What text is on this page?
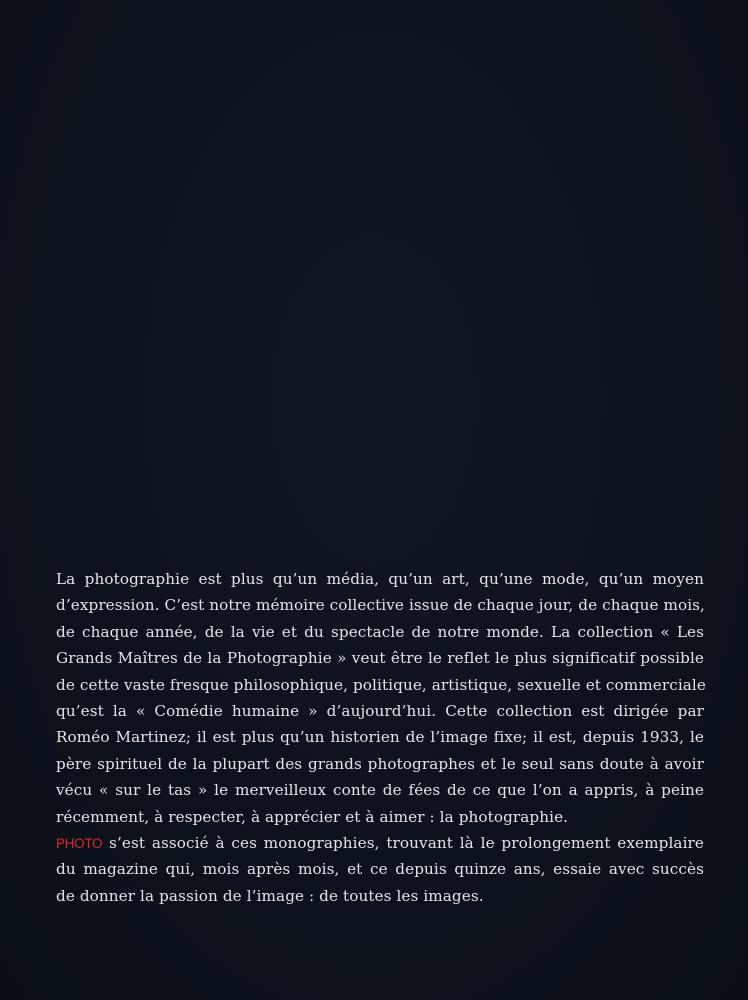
La photographie est plus qu’un média, qu’un art, qu’une mode, qu’un moyen
d’expression. C’est notre mémoire collective issue de chaque jour, de chaque mois,
de chaque année, de la vie et du spectacle de notre monde. La collection « Les
Grands Maîtres de la Photographie » veut être le reflet le plus significatif possible
de cette vaste fresque philosophique, politique, artistique, sexuelle et commerciale
qu’est la « Comédie humaine » d’aujourd’hui. Cette collection est dirigée par
Roméo Martinez; il est plus qu’un historien de l’image fixe; il est, depuis 1933, le
père spirituel de la plupart des grands photographes et le seul sans doute à avoir
vécu « sur le tas » le merveilleux conte de fées de ce que l’on a appris, à peine
récemment, à respecter, à apprécier et à aimer : la photographie.
PHOTO s’est associé à ces monographies, trouvant là le prolongement exemplaire
du magazine qui, mois après mois, et ce depuis quinze ans, essaie avec succès
de donner la passion de l’image : de toutes les images.
